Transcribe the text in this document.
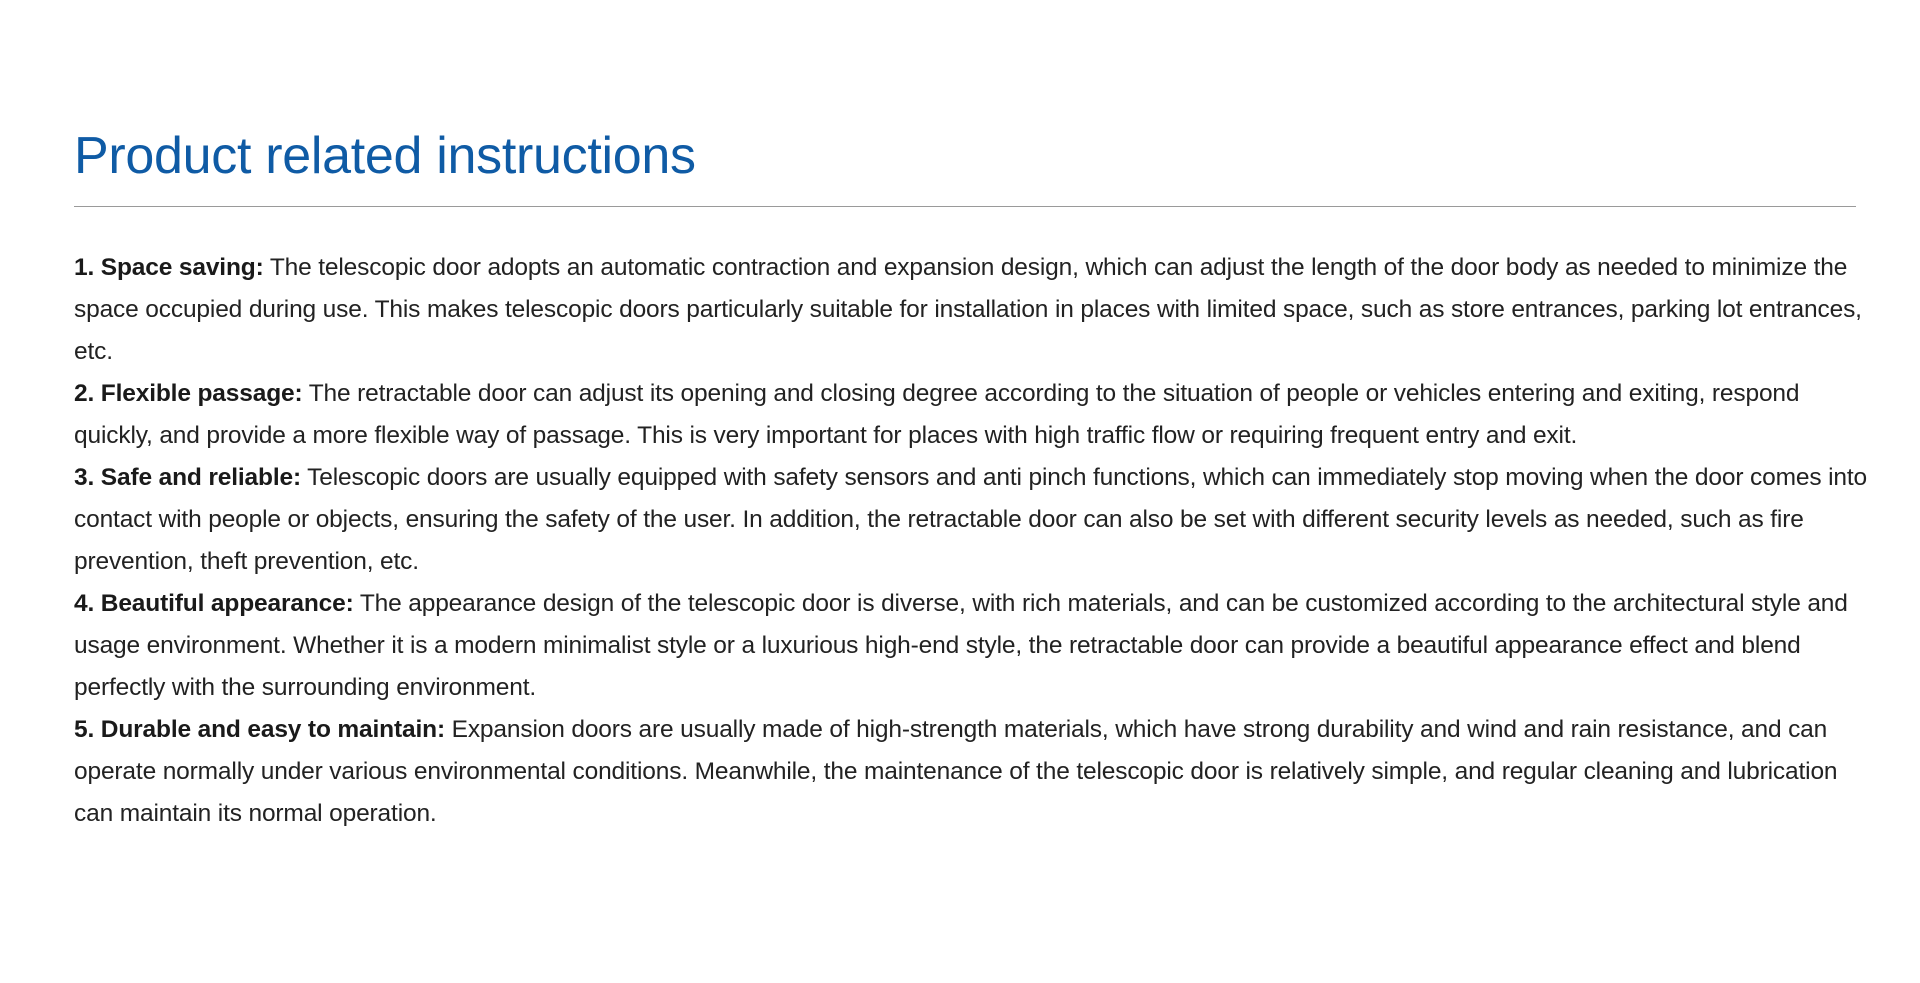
Product related instructions

1. Space saving: The telescopic door adopts an automatic contraction and expansion design, which can adjust the length of the door body as needed to minimize the space occupied during use. This makes telescopic doors particularly suitable for installation in places with limited space, such as store entrances, parking lot entrances, etc.

2. Flexible passage: The retractable door can adjust its opening and closing degree according to the situation of people or vehicles entering and exiting, respond quickly, and provide a more flexible way of passage. This is very important for places with high traffic flow or requiring frequent entry and exit.

3. Safe and reliable: Telescopic doors are usually equipped with safety sensors and anti pinch functions, which can immediately stop moving when the door comes into contact with people or objects, ensuring the safety of the user. In addition, the retractable door can also be set with different security levels as needed, such as fire prevention, theft prevention, etc.

4. Beautiful appearance: The appearance design of the telescopic door is diverse, with rich materials, and can be customized according to the architectural style and usage environment. Whether it is a modern minimalist style or a luxurious high-end style, the retractable door can provide a beautiful appearance effect and blend perfectly with the surrounding environment.

5. Durable and easy to maintain: Expansion doors are usually made of high-strength materials, which have strong durability and wind and rain resistance, and can operate normally under various environmental conditions. Meanwhile, the maintenance of the telescopic door is relatively simple, and regular cleaning and lubrication can maintain its normal operation.
